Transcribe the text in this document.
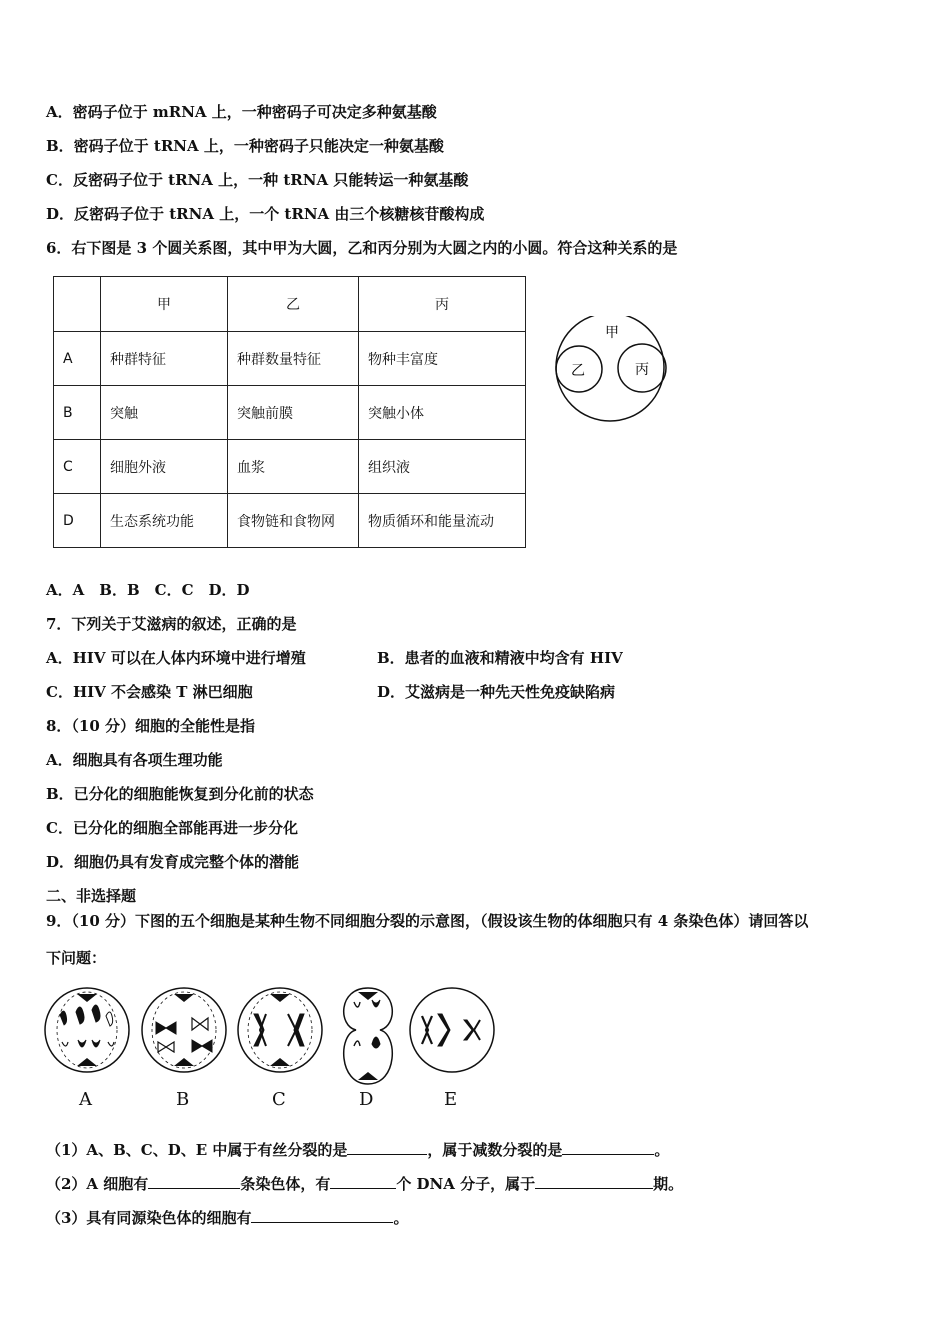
A．密码子位于 mRNA 上，一种密码子可决定多种氨基酸
B．密码子位于 tRNA 上，一种密码子只能决定一种氨基酸
C．反密码子位于 tRNA 上，一种 tRNA 只能转运一种氨基酸
D．反密码子位于 tRNA 上，一个 tRNA 由三个核糖核苷酸构成
6．右下图是 3 个圆关系图，其中甲为大圆，乙和丙分别为大圆之内的小圆。符合这种关系的是
	甲	乙	丙
A	种群特征	种群数量特征	物种丰富度
B	突触	突触前膜	突触小体
C	细胞外液	血浆	组织液
D	生态系统功能	食物链和食物网	物质循环和能量流动
甲
乙	丙
A．A　B．B　C．C　D．D
7．下列关于艾滋病的叙述，正确的是
A．HIV 可以在人体内环境中进行增殖	B．患者的血液和精液中均含有 HIV
C．HIV 不会感染 T 淋巴细胞	D．艾滋病是一种先天性免疫缺陷病
8．（10 分）细胞的全能性是指
A．细胞具有各项生理功能
B．已分化的细胞能恢复到分化前的状态
C．已分化的细胞全部能再进一步分化
D．细胞仍具有发育成完整个体的潜能
二、非选择题
9．（10 分）下图的五个细胞是某种生物不同细胞分裂的示意图，（假设该生物的体细胞只有 4 条染色体）请回答以
下问题：
A	B	C	D	E
（1）A、B、C、D、E 中属于有丝分裂的是	，属于减数分裂的是	。
（2）A 细胞有	条染色体，有	个 DNA 分子，属于	期。
（3）具有同源染色体的细胞有	。
